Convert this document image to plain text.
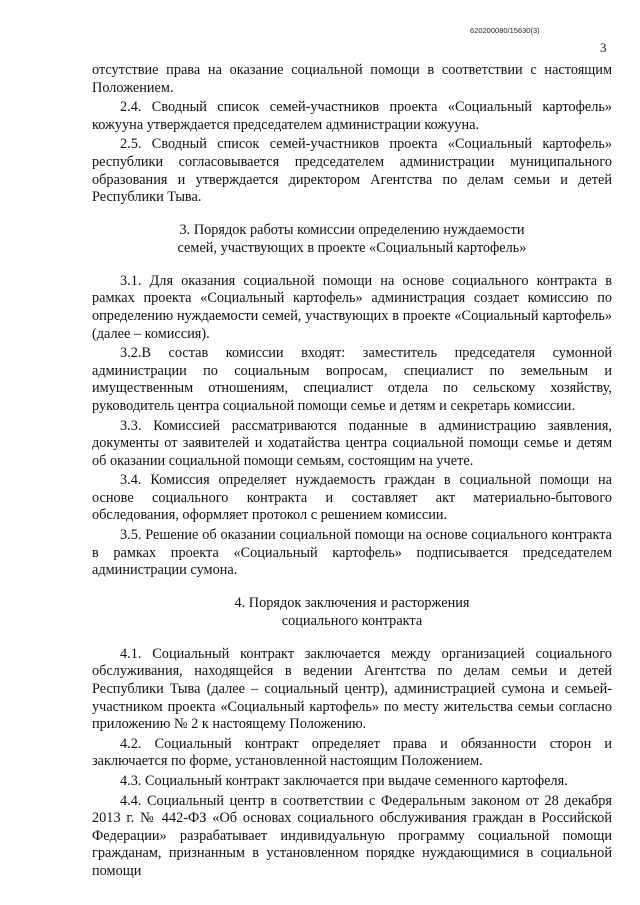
620200080/15630(3)
3

отсутствие права на оказание социальной помощи в соответствии с настоящим Положением.

2.4. Сводный список семей-участников проекта «Социальный картофель» кожууна утверждается председателем администрации кожууна.

2.5. Сводный список семей-участников проекта «Социальный картофель» республики согласовывается председателем администрации муниципального образования и утверждается директором Агентства по делам семьи и детей Республики Тыва.

3. Порядок работы комиссии определению нуждаемости
семей, участвующих в проекте «Социальный картофель»

3.1. Для оказания социальной помощи на основе социального контракта в рамках проекта «Социальный картофель» администрация создает комиссию по определению нуждаемости семей, участвующих в проекте «Социальный картофель» (далее – комиссия).

3.2.В состав комиссии входят: заместитель председателя сумонной администрации по социальным вопросам, специалист по земельным и имущественным отношениям, специалист отдела по сельскому хозяйству, руководитель центра социальной помощи семье и детям и секретарь комиссии.

3.3. Комиссией рассматриваются поданные в администрацию заявления, документы от заявителей и ходатайства центра социальной помощи семье и детям об оказании социальной помощи семьям, состоящим на учете.

3.4. Комиссия определяет нуждаемость граждан в социальной помощи на основе социального контракта и составляет акт материально-бытового обследования, оформляет протокол с решением комиссии.

3.5. Решение об оказании социальной помощи на основе социального контракта в рамках проекта «Социальный картофель» подписывается председателем администрации сумона.

4. Порядок заключения и расторжения
социального контракта

4.1. Социальный контракт заключается между организацией социального обслуживания, находящейся в ведении Агентства по делам семьи и детей Республики Тыва (далее – социальный центр), администрацией сумона и семьей-участником проекта «Социальный картофель» по месту жительства семьи согласно приложению № 2 к настоящему Положению.

4.2. Социальный контракт определяет права и обязанности сторон и заключается по форме, установленной настоящим Положением.

4.3. Социальный контракт заключается при выдаче семенного картофеля.

4.4. Социальный центр в соответствии с Федеральным законом от 28 декабря 2013 г. № 442-ФЗ «Об основах социального обслуживания граждан в Российской Федерации» разрабатывает индивидуальную программу социальной помощи гражданам, признанным в установленном порядке нуждающимися в социальной помощи
